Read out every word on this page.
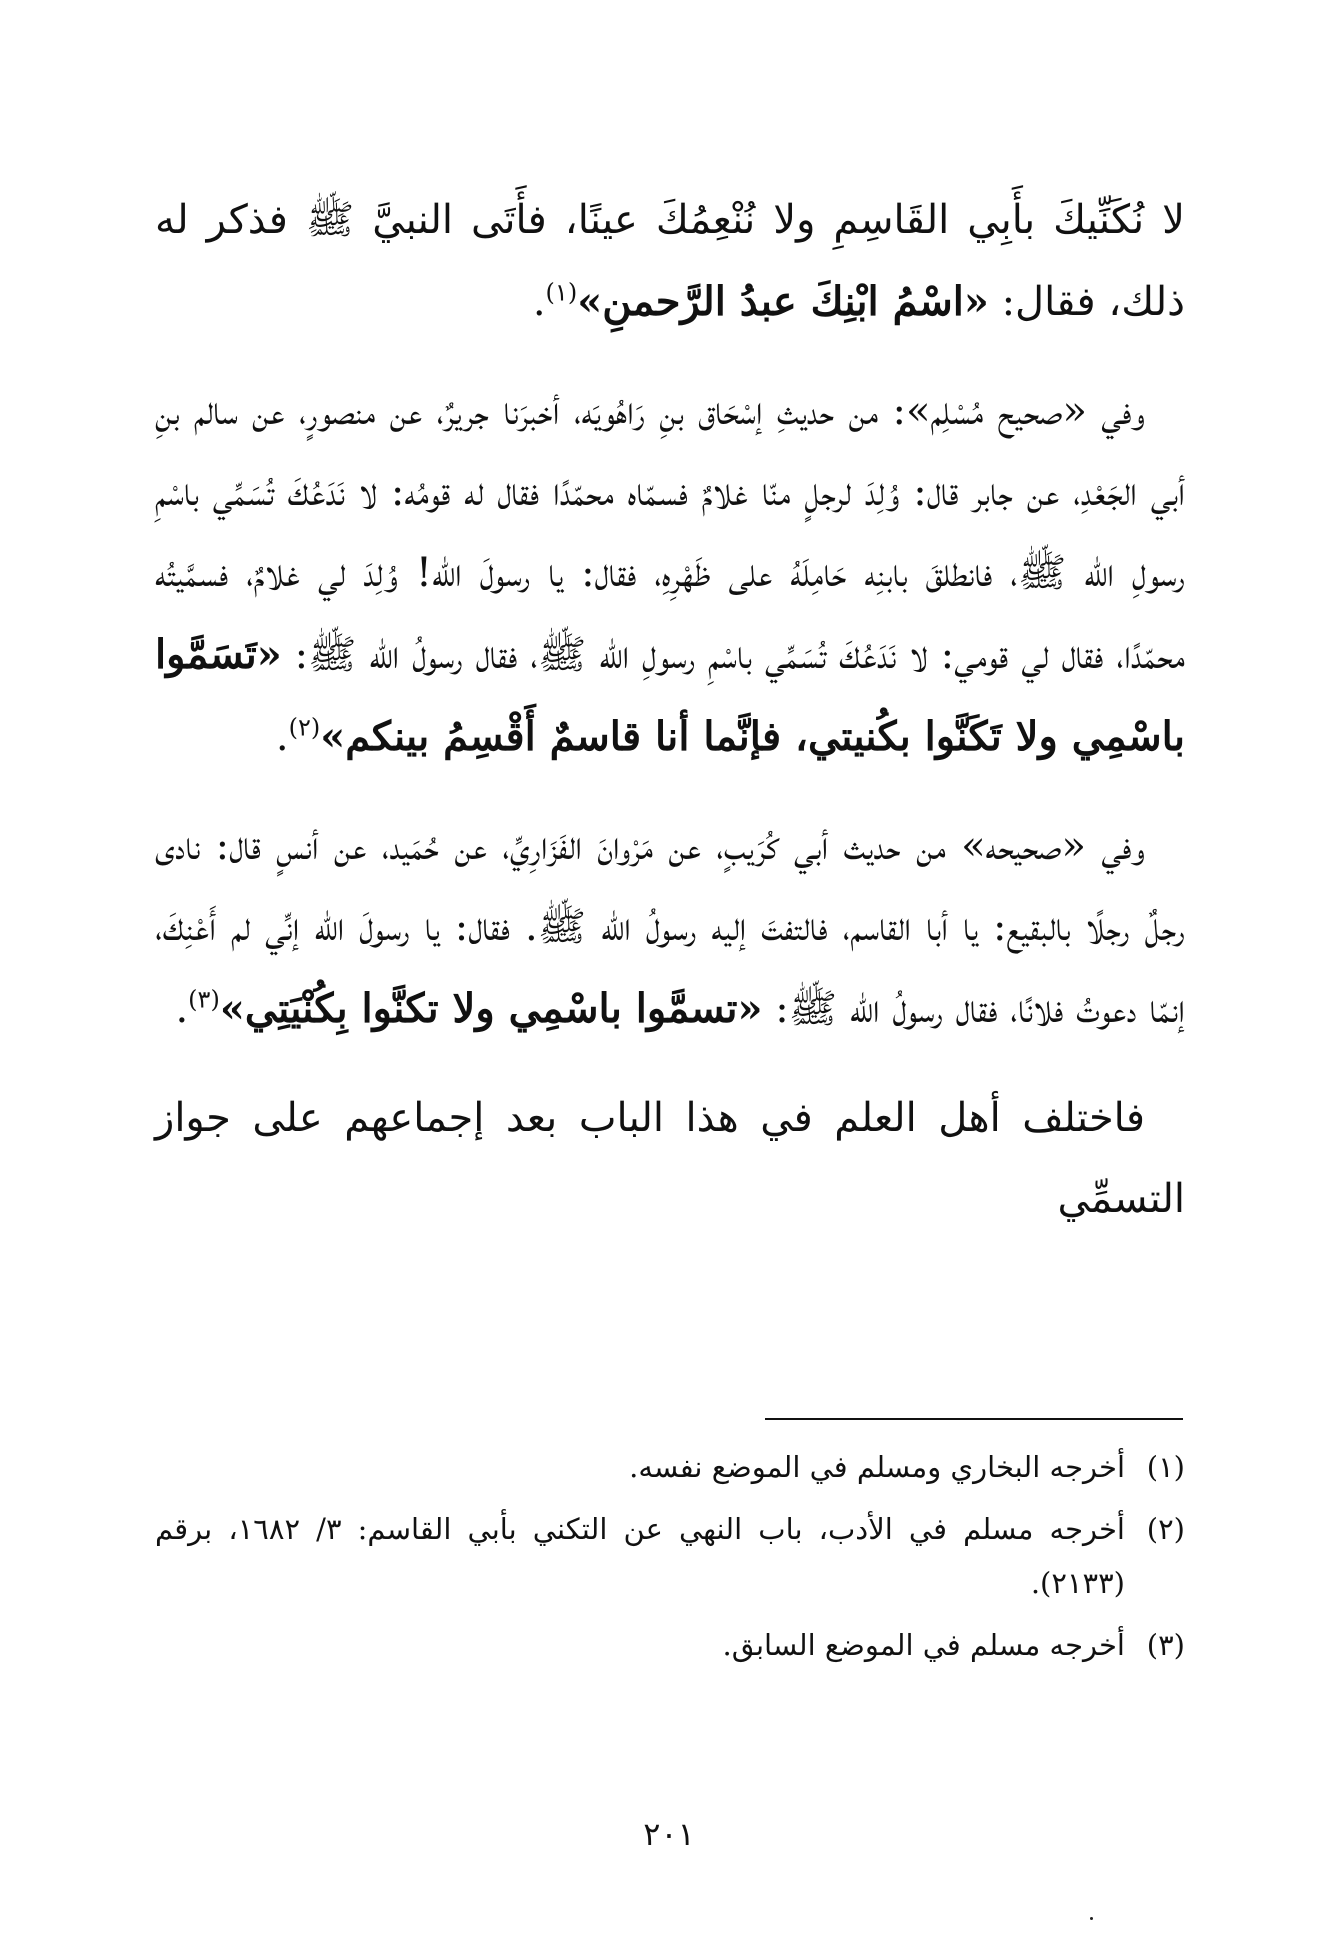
لا نُكَنِّيكَ بأَبِي القَاسِمِ ولا نُنْعِمُكَ عينًا، فأَتَى النبيَّ ﷺ فذكر له ذلك، فقال: «اسْمُ ابْنِكَ عبدُ الرَّحمنِ»$^{(١)}$.

وفي «صحيح مُسْلِم»: من حديثِ إسْحَاق بنِ رَاهُويَه، أخبرَنا جريرٌ، عن منصورٍ، عن سالم بنِ أبي الجَعْدِ، عن جابر قال: وُلِدَ لرجلٍ منّا غلامٌ فسمّاه محمّدًا فقال له قومُه: لا نَدَعُكَ تُسَمِّي باسْمِ رسولِ الله ﷺ، فانطلقَ بابنِه حَامِلَهُ على ظَهْرِهِ، فقال: يا رسولَ الله! وُلِدَ لي غلامٌ، فسمَّيتُه محمّدًا، فقال لي قومي: لا نَدَعُكَ تُسَمِّي باسْمِ رسولِ الله ﷺ، فقال رسولُ الله ﷺ: «تَسَمَّوا باسْمِي ولا تَكَنَّوا بكُنيتي، فإنَّما أنا قاسمٌ أَقْسِمُ بينكم»$^{(٢)}$.

وفي «صحيحه» من حديث أبي كُرَيبٍ، عن مَرْوانَ الفَزَارِيِّ، عن حُمَيد، عن أنسٍ قال: نادى رجلٌ رجلًا بالبقيع: يا أبا القاسم، فالتفتَ إليه رسولُ الله ﷺ. فقال: يا رسولَ الله إنِّي لم أَعْنِكَ، إنمّا دعوتُ فلانًا، فقال رسولُ الله ﷺ: «تسمَّوا باسْمِي ولا تكنَّوا بِكُنْيَتِي»$^{(٣)}$.

فاختلف أهل العلم في هذا الباب بعد إجماعهم على جواز التسمِّي

(١)
أخرجه البخاري ومسلم في الموضع نفسه.
(٢)
أخرجه مسلم في الأدب، باب النهي عن التكني بأبي القاسم: ٣/ ١٦٨٢، برقم (٢١٣٣).
(٣)
أخرجه مسلم في الموضع السابق.
٢٠١
